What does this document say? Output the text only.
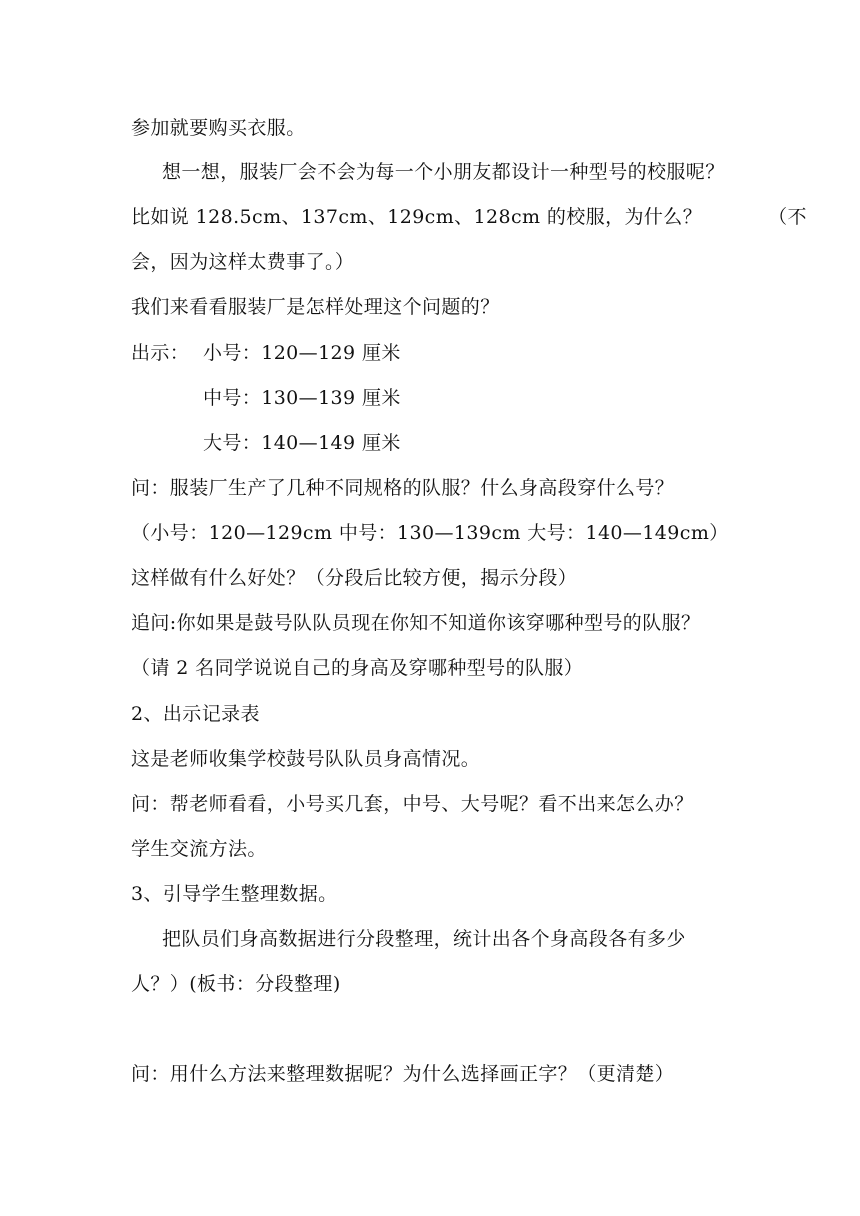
参加就要购买衣服。
想一想，服装厂会不会为每一个小朋友都设计一种型号的校服呢？
比如说 128.5cm、137cm、129cm、128cm 的校服，为什么？	（不
会，因为这样太费事了。）
我们来看看服装厂是怎样处理这个问题的？
出示： 小号：120—129 厘米
中号：130—139 厘米
大号：140—149 厘米
问：服装厂生产了几种不同规格的队服？什么身高段穿什么号？
（小号：120—129cm 中号：130—139cm 大号：140—149cm）
这样做有什么好处？（分段后比较方便，揭示分段）
追问:你如果是鼓号队队员现在你知不知道你该穿哪种型号的队服？
（请 2 名同学说说自己的身高及穿哪种型号的队服）
2、出示记录表
这是老师收集学校鼓号队队员身高情况。
问：帮老师看看，小号买几套，中号、大号呢？看不出来怎么办？
学生交流方法。
3、引导学生整理数据。
把队员们身高数据进行分段整理，统计出各个身高段各有多少
人？）(板书：分段整理)
问：用什么方法来整理数据呢？为什么选择画正字？（更清楚）
